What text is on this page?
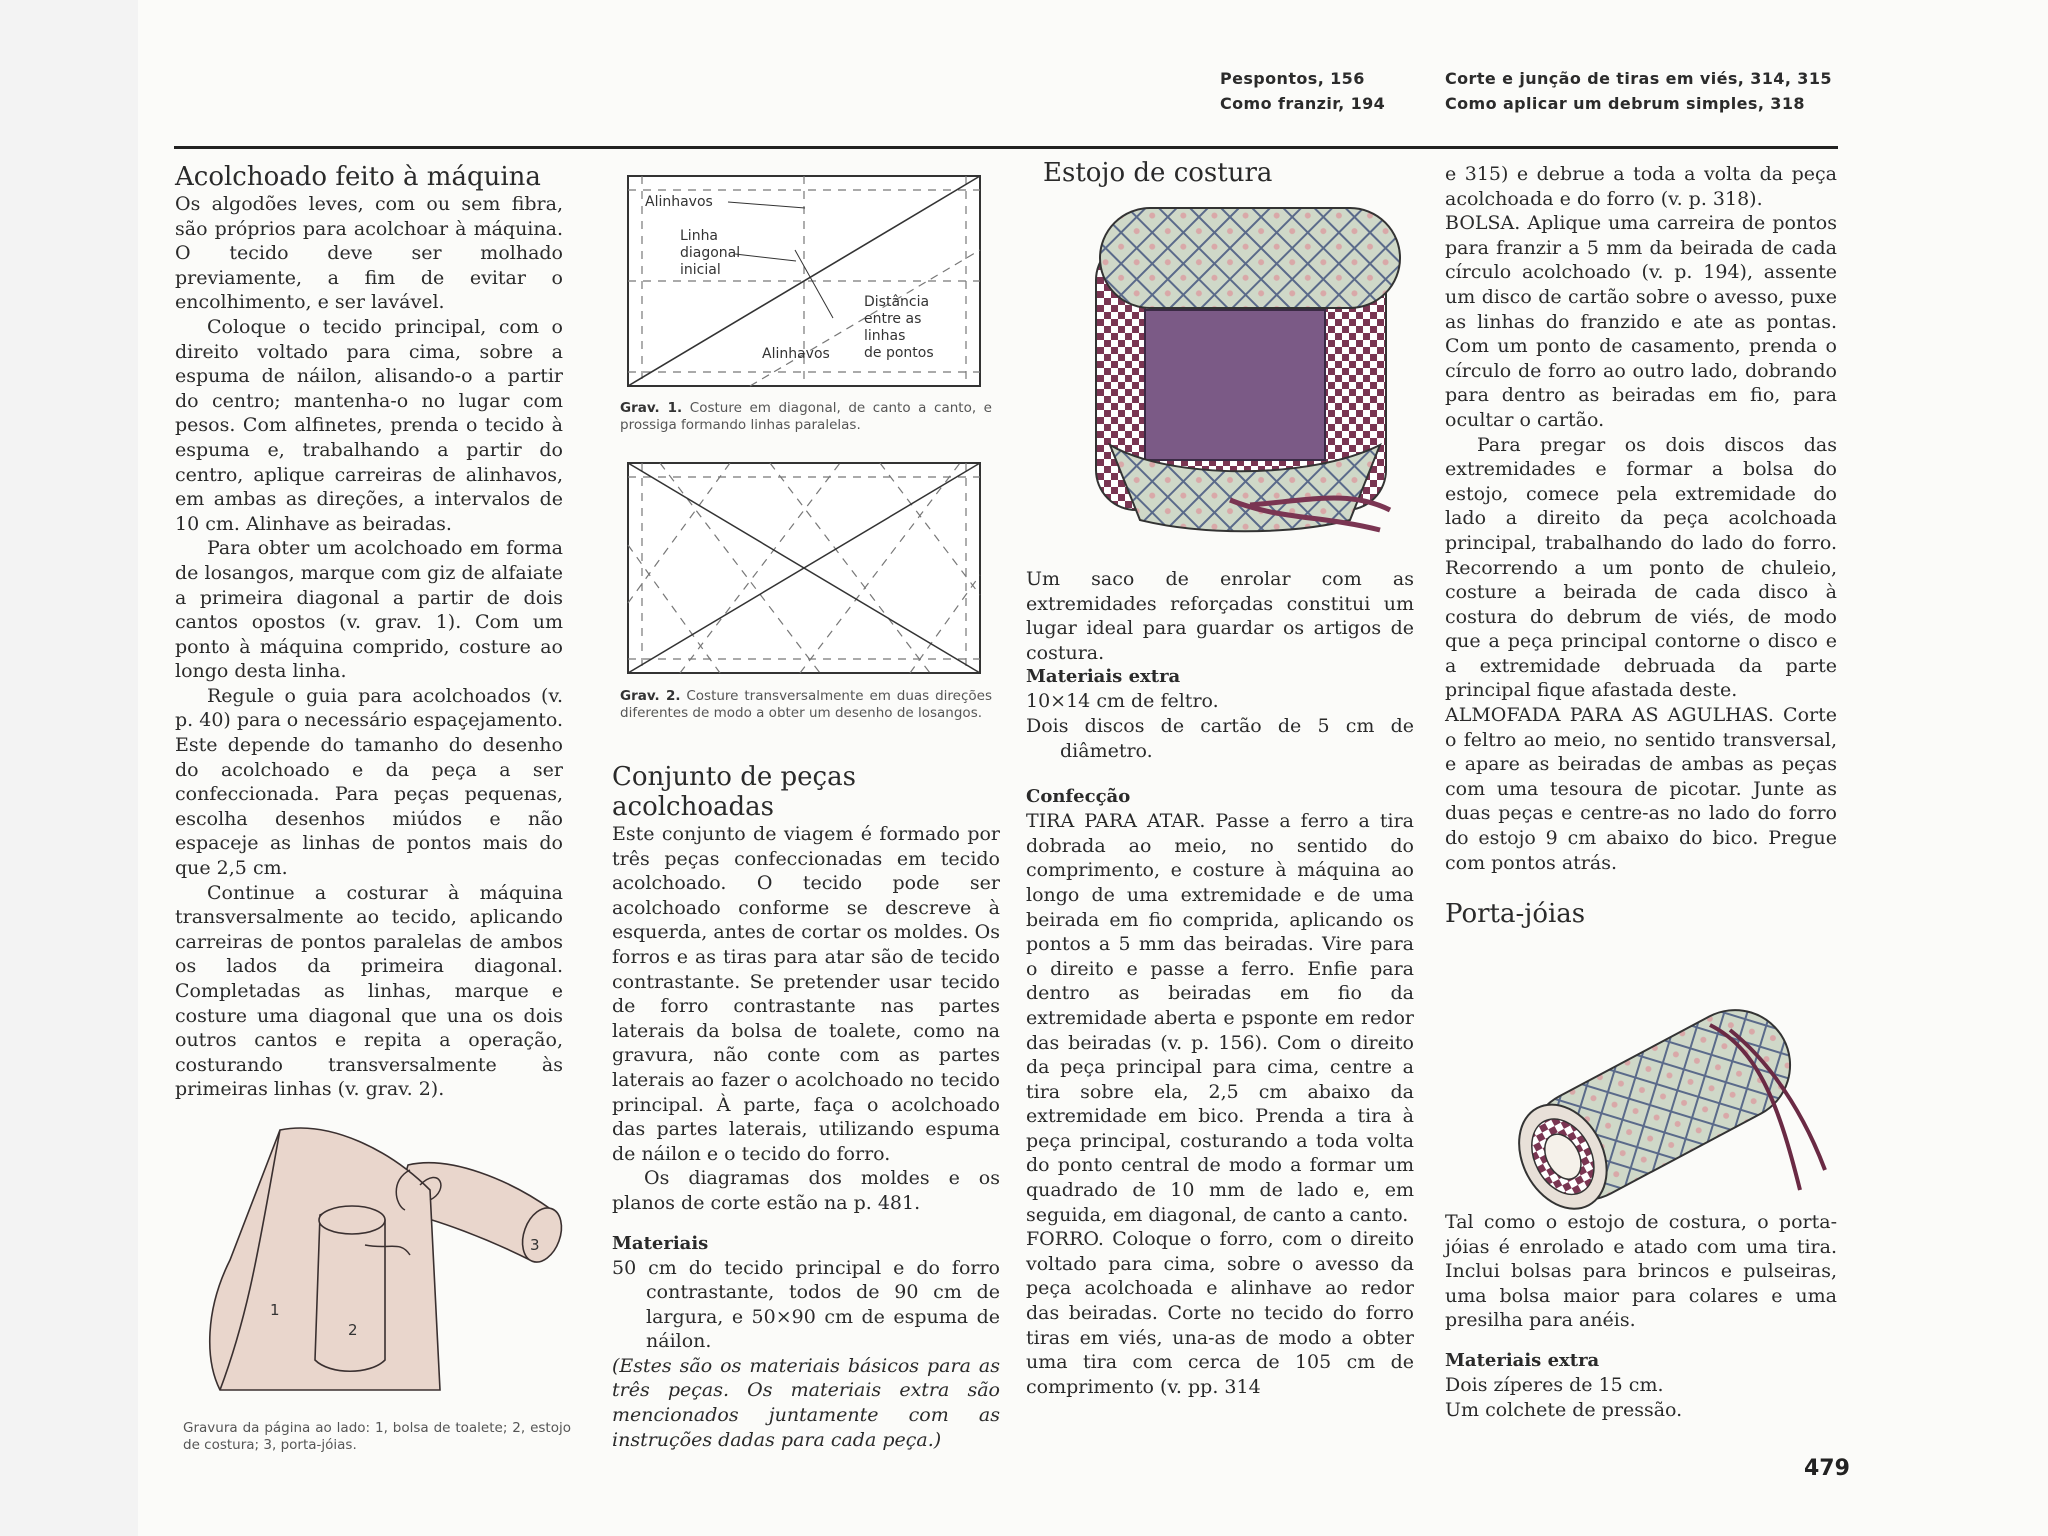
Pespontos, 156
Como franzir, 194
Corte e junção de tiras em viés, 314, 315
Como aplicar um debrum simples, 318
Acolchoado feito à máquina

Os algodões leves, com ou sem fibra, são próprios para acolchoar à máquina. O tecido deve ser molhado previamente, a fim de evitar o encolhimento, e ser lavável.

Coloque o tecido principal, com o direito voltado para cima, sobre a espuma de náilon, alisando-o a partir do centro; mantenha-o no lugar com pesos. Com alfinetes, prenda o tecido à espuma e, trabalhando a partir do centro, aplique carreiras de alinhavos, em ambas as direções, a intervalos de 10 cm. Alinhave as beiradas.

Para obter um acolchoado em forma de losangos, marque com giz de alfaiate a primeira diagonal a partir de dois cantos opostos (v. grav. 1). Com um ponto à máquina comprido, costure ao longo desta linha.

Regule o guia para acolchoados (v. p. 40) para o necessário espaçejamento. Este depende do tamanho do desenho do acolchoado e da peça a ser confeccionada. Para peças pequenas, escolha desenhos miúdos e não espaceje as linhas de pontos mais do que 2,5 cm.

Continue a costurar à máquina transversalmente ao tecido, aplicando carreiras de pontos paralelas de ambos os lados da primeira diagonal. Completadas as linhas, marque e costure uma diagonal que una os dois outros cantos e repita a operação, costurando transversalmente às primeiras linhas (v. grav. 2).

1
2
3
Gravura da página ao lado: 1, bolsa de toalete; 2, estojo de costura; 3, porta-jóias.
Alinhavos
Linha
diagonal
inicial
Distância
entre as
linhas
de pontos
Alinhavos
Grav. 1. Costure em diagonal, de canto a canto, e prossiga formando linhas paralelas.
Grav. 2. Costure transversalmente em duas direções diferentes de modo a obter um desenho de losangos.
Conjunto de peças acolchoadas

Este conjunto de viagem é formado por três peças confeccionadas em tecido acolchoado. O tecido pode ser acolchoado conforme se descreve à esquerda, antes de cortar os moldes. Os forros e as tiras para atar são de tecido contrastante. Se pretender usar tecido de forro contrastante nas partes laterais da bolsa de toalete, como na gravura, não conte com as partes laterais ao fazer o acolchoado no tecido principal. À parte, faça o acolchoado das partes laterais, utilizando espuma de náilon e o tecido do forro.

Os diagramas dos moldes e os planos de corte estão na p. 481.

Materiais

50 cm do tecido principal e do forro contrastante, todos de 90 cm de largura, e 50×90 cm de espuma de náilon.

(Estes são os materiais básicos para as três peças. Os materiais extra são mencionados juntamente com as instruções dadas para cada peça.)

Estojo de costura

Um saco de enrolar com as extremidades reforçadas constitui um lugar ideal para guardar os artigos de costura.

Materiais extra

10×14 cm de feltro.

Dois discos de cartão de 5 cm de diâmetro.

Confecção

TIRA PARA ATAR. Passe a ferro a tira dobrada ao meio, no sentido do comprimento, e costure à máquina ao longo de uma extremidade e de uma beirada em fio comprida, aplicando os pontos a 5 mm das beiradas. Vire para o direito e passe a ferro. Enfie para dentro as beiradas em fio da extremidade aberta e psponte em redor das beiradas (v. p. 156). Com o direito da peça principal para cima, centre a tira sobre ela, 2,5 cm abaixo da extremidade em bico. Prenda a tira à peça principal, costurando a toda volta do ponto central de modo a formar um quadrado de 10 mm de lado e, em seguida, em diagonal, de canto a canto.

FORRO. Coloque o forro, com o direito voltado para cima, sobre o avesso da peça acolchoada e alinhave ao redor das beiradas. Corte no tecido do forro tiras em viés, una-as de modo a obter uma tira com cerca de 105 cm de comprimento (v. pp. 314

e 315) e debrue a toda a volta da peça acolchoada e do forro (v. p. 318).

BOLSA. Aplique uma carreira de pontos para franzir a 5 mm da beirada de cada círculo acolchoado (v. p. 194), assente um disco de cartão sobre o avesso, puxe as linhas do franzido e ate as pontas. Com um ponto de casamento, prenda o círculo de forro ao outro lado, dobrando para dentro as beiradas em fio, para ocultar o cartão.

Para pregar os dois discos das extremidades e formar a bolsa do estojo, comece pela extremidade do lado a direito da peça acolchoada principal, trabalhando do lado do forro. Recorrendo a um ponto de chuleio, costure a beirada de cada disco à costura do debrum de viés, de modo que a peça principal contorne o disco e a extremidade debruada da parte principal fique afastada deste.

ALMOFADA PARA AS AGULHAS. Corte o feltro ao meio, no sentido transversal, e apare as beiradas de ambas as peças com uma tesoura de picotar. Junte as duas peças e centre-as no lado do forro do estojo 9 cm abaixo do bico. Pregue com pontos atrás.

Porta-jóias

Tal como o estojo de costura, o porta-jóias é enrolado e atado com uma tira. Inclui bolsas para brincos e pulseiras, uma bolsa maior para colares e uma presilha para anéis.

Materiais extra

Dois zíperes de 15 cm.

Um colchete de pressão.

479
